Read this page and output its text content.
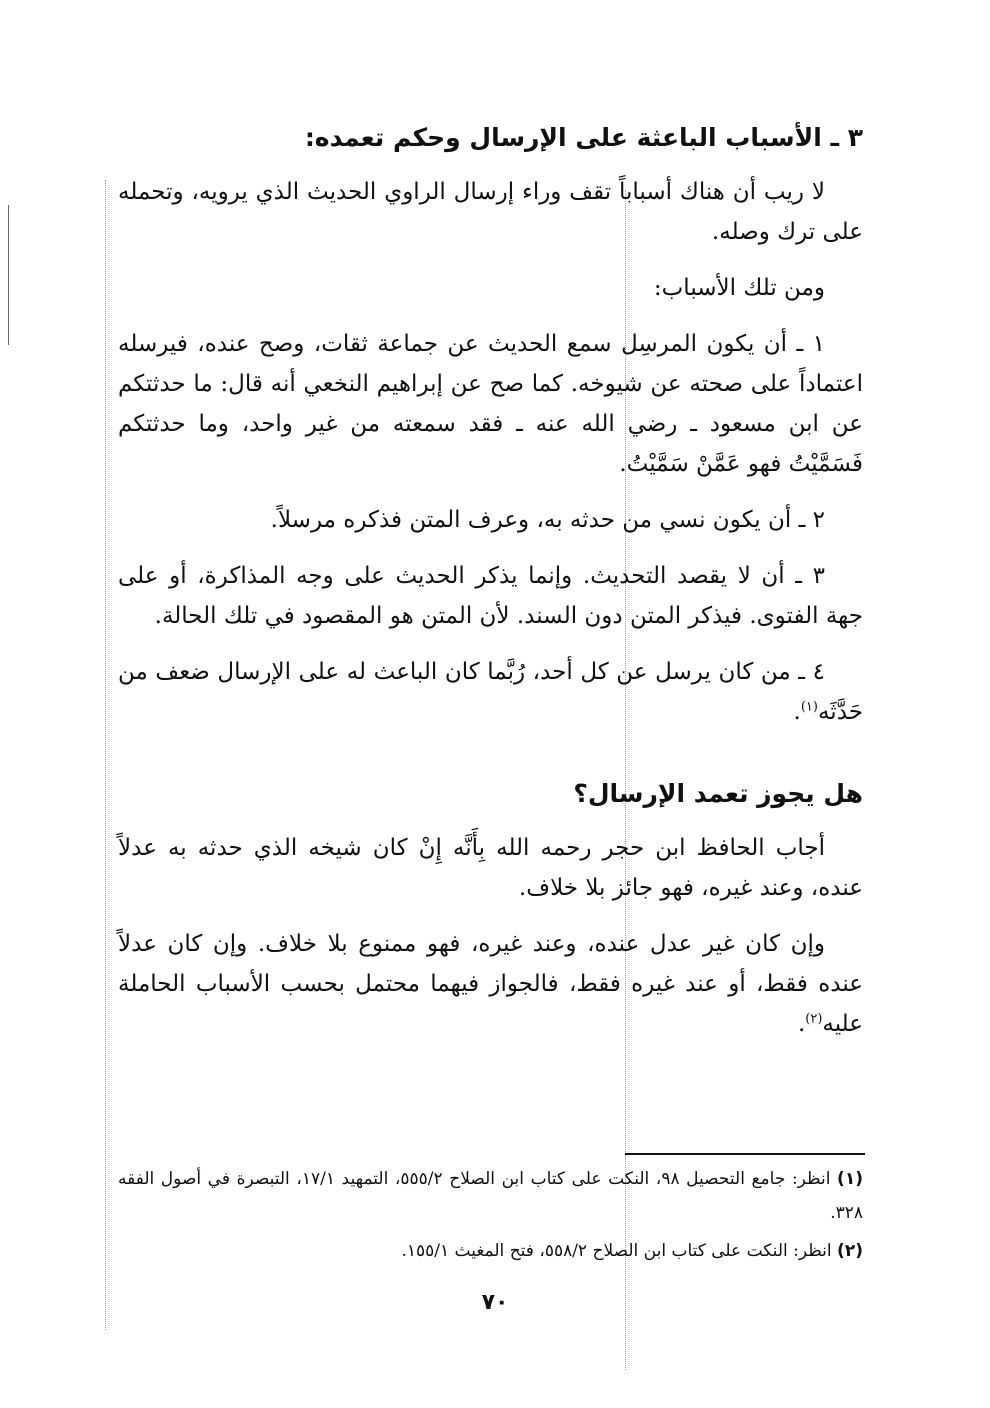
٣ ـ الأسباب الباعثة على الإرسال وحكم تعمده:

لا ريب أن هناك أسباباً تقف وراء إرسال الراوي الحديث الذي يرويه، وتحمله على ترك وصله.

ومن تلك الأسباب:

١ ـ أن يكون المرسِل سمع الحديث عن جماعة ثقات، وصح عنده، فيرسله اعتماداً على صحته عن شيوخه. كما صح عن إبراهيم النخعي أنه قال: ما حدثتكم عن ابن مسعود ـ رضي الله عنه ـ فقد سمعته من غير واحد، وما حدثتكم فَسَمَّيْتُ فهو عَمَّنْ سَمَّيْتُ.

٢ ـ أن يكون نسي من حدثه به، وعرف المتن فذكره مرسلاً.

٣ ـ أن لا يقصد التحديث. وإنما يذكر الحديث على وجه المذاكرة، أو على جهة الفتوى. فيذكر المتن دون السند. لأن المتن هو المقصود في تلك الحالة.

٤ ـ من كان يرسل عن كل أحد، رُبَّما كان الباعث له على الإرسال ضعف من حَدَّثَه$^{(١)}$.

هل يجوز تعمد الإرسال؟

أجاب الحافظ ابن حجر رحمه الله بِأَنَّه إِنْ كان شيخه الذي حدثه به عدلاً عنده، وعند غيره، فهو جائز بلا خلاف.

وإن كان غير عدل عنده، وعند غيره، فهو ممنوع بلا خلاف. وإن كان عدلاً عنده فقط، أو عند غيره فقط، فالجواز فيهما محتمل بحسب الأسباب الحاملة عليه$^{(٢)}$.

(١) انظر: جامع التحصيل ٩٨، النكت على كتاب ابن الصلاح ٥٥٥/٢، التمهيد ١٧/١، التبصرة في أصول الفقه ٣٢٨.

(٢) انظر: النكت على كتاب ابن الصلاح ٥٥٨/٢، فتح المغيث ١٥٥/١.

٧٠
